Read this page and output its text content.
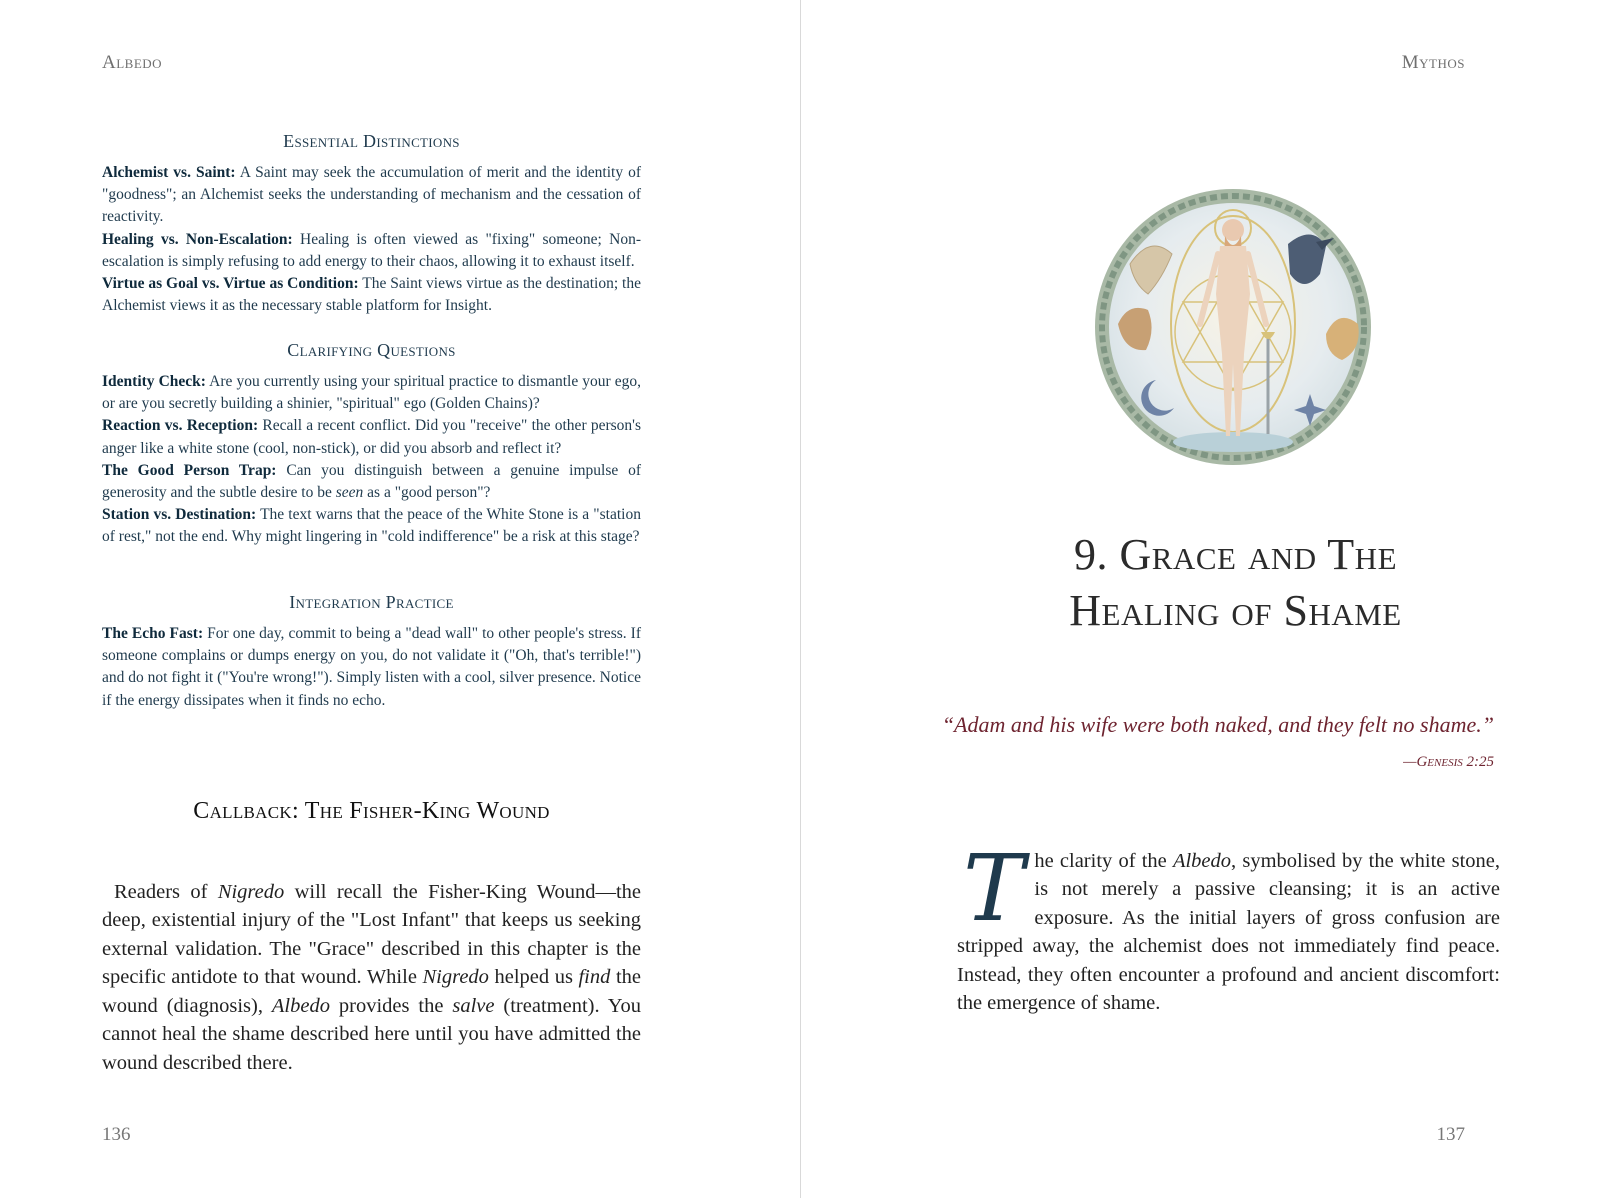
Albedo
Essential Distinctions

Alchemist vs. Saint: A Saint may seek the accumulation of merit and the identity of "goodness"; an Alchemist seeks the understanding of mechanism and the cessation of reactivity.

Healing vs. Non-Escalation: Healing is often viewed as "fixing" someone; Non-escalation is simply refusing to add energy to their chaos, allowing it to exhaust itself.

Virtue as Goal vs. Virtue as Condition: The Saint views virtue as the destination; the Alchemist views it as the necessary stable platform for Insight.

Clarifying Questions

Identity Check: Are you currently using your spiritual practice to dismantle your ego, or are you secretly building a shinier, "spiritual" ego (Golden Chains)?

Reaction vs. Reception: Recall a recent conflict. Did you "receive" the other person's anger like a white stone (cool, non-stick), or did you absorb and reflect it?

The Good Person Trap: Can you distinguish between a genuine impulse of generosity and the subtle desire to be seen as a "good person"?

Station vs. Destination: The text warns that the peace of the White Stone is a "station of rest," not the end. Why might lingering in "cold indifference" be a risk at this stage?

Integration Practice

The Echo Fast: For one day, commit to being a "dead wall" to other people's stress. If someone complains or dumps energy on you, do not validate it ("Oh, that's terrible!") and do not fight it ("You're wrong!"). Simply listen with a cool, silver presence. Notice if the energy dissipates when it finds no echo.

Callback: The Fisher-King Wound

Readers of Nigredo will recall the Fisher-King Wound—the deep, existential injury of the "Lost Infant" that keeps us seeking external validation. The "Grace" described in this chapter is the specific antidote to that wound. While Nigredo helped us find the wound (diagnosis), Albedo provides the salve (treatment). You cannot heal the shame described here until you have admitted the wound described there.

136
Mythos
9. Grace and The
Healing of Shame
“Adam and his wife were both naked, and they felt no shame.”
—Genesis 2:25

The clarity of the Albedo, symbolised by the white stone, is not merely a passive cleansing; it is an active exposure. As the initial layers of gross confusion are stripped away, the alchemist does not immediately find peace. Instead, they often encounter a profound and ancient discomfort: the emergence of shame.

137
